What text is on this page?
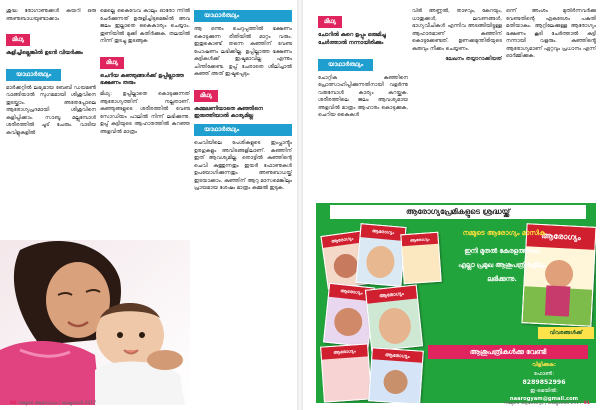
ശുദ്ധ രോഗാണുക്കൾ കയറി ഒരു അണുബാധയുണ്ടാക്കാം

മിഥ്യ

കുളിച്ചില്ലെങ്കിൽ ഉടൻ വിയർക്കും

യാഥാർത്ഥ്യം

മാർക്കറ്റിൽ ലഭ്യമായ ബേബി ഡയമൺ വാങ്ങിയാൽ സുഗമമായി ശിശുവിനെ തുടയ്ക്കാം. അതേപ്പോലെ ആരോഗ്യപ്രദമായി ശിശുവിനെ കുളിപ്പിക്കാം. സാബൂ മല്ലുമ്പോൾ ശരീരത്തിൽ ചൂട് ചേരും. വാടിയ കവിളുകളിൽ

മെല്ലെ കൈവേവ കാലും ഓരോ ന്നിൽ ചേർക്കുന്നത് ഉരുളിച്ചിടുമെങ്കിൽ അവ ജലം ഇല്ലാതെ കൈകാര്യം ചെയ്യാം. തുണിയിൽ മുക്കി കുതിർക്കുക. തലയിൽ നിന്ന് തുടച്ചു തുടങ്ങുക

മിഥ്യ

ചെറിയ കുഞ്ഞുങ്ങൾക്ക് ഉപ്പില്ലാത്ത ഭക്ഷണം തരും

മിഥ്യ: ഉപ്പില്ലാതെ കൊടുക്കുന്നത് ആരോഗ്യത്തിന് നല്ലതാണ്. കുഞ്ഞുങ്ങളുടെ ശരീരത്തിൽ വേണ്ട സോഡിയം പാലിൽ നിന്ന് ലഭിക്കുന്നു. ഉപ്പ് കുട്ടിയുടെ ആഹാരത്തിൽ കുറഞ്ഞ അളവിൽ മാത്രം

യാഥാർത്ഥ്യം

ആ ഒന്നും ചെറുപ്പത്തിൽ ഭക്ഷണം കൊടുക്കുന്ന രീതിയിൽ മാറ്റം വരും. ഇതുകൊണ്ട് തന്നെ കുഞ്ഞിന് വേണ്ട പോഷണം ലഭിക്കില്ല. ഉപ്പില്ലാത്ത ഭക്ഷണം കുട്ടികൾക്ക് ഇഷ്ടമാവില്ല എന്നും ചിന്തിക്കേണ്ട. ഉപ്പ് ചേരാതെ ശീലിച്ചാൽ കുഞ്ഞ് അത് ഇഷ്ടപ്പെടും.

മിഥ്യ

കമ്മലണിയാതെ കുഞ്ഞിനെ ഇരുത്തിയാൽ കാര്യമില്ല

യാഥാർത്ഥ്യം

ചെവിയിലെ പേശികളുടെ ഇംപ്ലാൻ്റും ഉരഗുകളും അവിടങ്ങളിലാണ്. കുഞ്ഞിന് ഇത് ആവശ്യമില്ല. തൊട്ടിൽ കുഞ്ഞിന്റെ ചെവി കുത്തുന്നതും ഇയർ ഫോണുകൾ ഉപയോഗിക്കുന്നതും അണുബാധയ്ക്ക് ഇടയാക്കാം. കുഞ്ഞിന് ആറു മാസമെങ്കിലും പ്രായമായ ശേഷം മാത്രം കമ്മൽ ഇടുക.

90 നമ്മുടെ ആരോഗ്യം | ഒക്ടോബർ 2017
മിഥ്യ

ചോറിൽ കുറെ ഉപ്പും ഒരുമിച്ചു ചേർത്താൽ നന്നായിരിക്കും

യാഥാർത്ഥ്യം

ചോറ്റിക കുഞ്ഞിനെ പ്രോത്സാഹിപ്പിക്കുന്നതിനായി വളർന്നു വരുമ്പോൾ കാര്യം കുറയ്ക്കുക. ശരീരത്തിലെ ജലം ആവശ്യമായ അളവിൽ മാത്രം ആഹാരം കൊടുക്കുക, ചെറിയ കൈകൾ

വിരി അണ്ണൽ, താഴവും, കേറയും, ധാതുക്കൾ, ലവണങ്ങൾ, ഭാഗ്യവീചികൾ എന്നിവ അടങ്ങിയിട്ടുള്ള ആഹാരമാണ് കുഞ്ഞിന് കൊടുക്കേണ്ടത്. ഉണക്കമുന്തിരിയുടെ കുരുവും നീക്കം ചെയ്യണം.

ലേഖനം തയ്യാറാക്കിയത്

ഒന്ന് അംശം മുതിർന്നവർക്കു വേണ്ടതിന്റെ ഏകദേശം പകുതി മതിയാകും. ആറ്റിലേക്കുള്ള ആരോഗ്യം ഭക്ഷണം കൂടി ചേർത്താൽ കുട്ടി നന്നായി വളരും. കുഞ്ഞിൻ്റെ ആരോഗ്യമാണ് ഏറ്റവും പ്രധാനം എന്ന് ഓർമ്മിക്കുക.

ആരോഗ്യപ്രേമികളുടെ ശ്രദ്ധയ്ക്ക്
ആരോഗ്യം
ആരോഗ്യം
ആരോഗ്യം
ആരോഗ്യം	ആരോഗ്യം
ആരോഗ്യം	ആരോഗ്യം
ആരോഗ്യം
നമ്മുടെ ആരോഗ്യം മാസിക
ഇനി മുതൽ കേരളത്തിലെ
എല്ലാ പ്രമുഖ ആശുപത്രികളിലും
ലഭിക്കുന്നു.
വിവരങ്ങൾക്ക്
ആശുപത്രികൾക്കു വേണ്ടി
വിളിക്കുക:
ഫോൺ:
8289852996
ഇ-മെയിൽ:
naarogyam@gmail.com
നമ്മുടെ ആരോഗ്യം | ഒക്ടോബർ 2017 91
